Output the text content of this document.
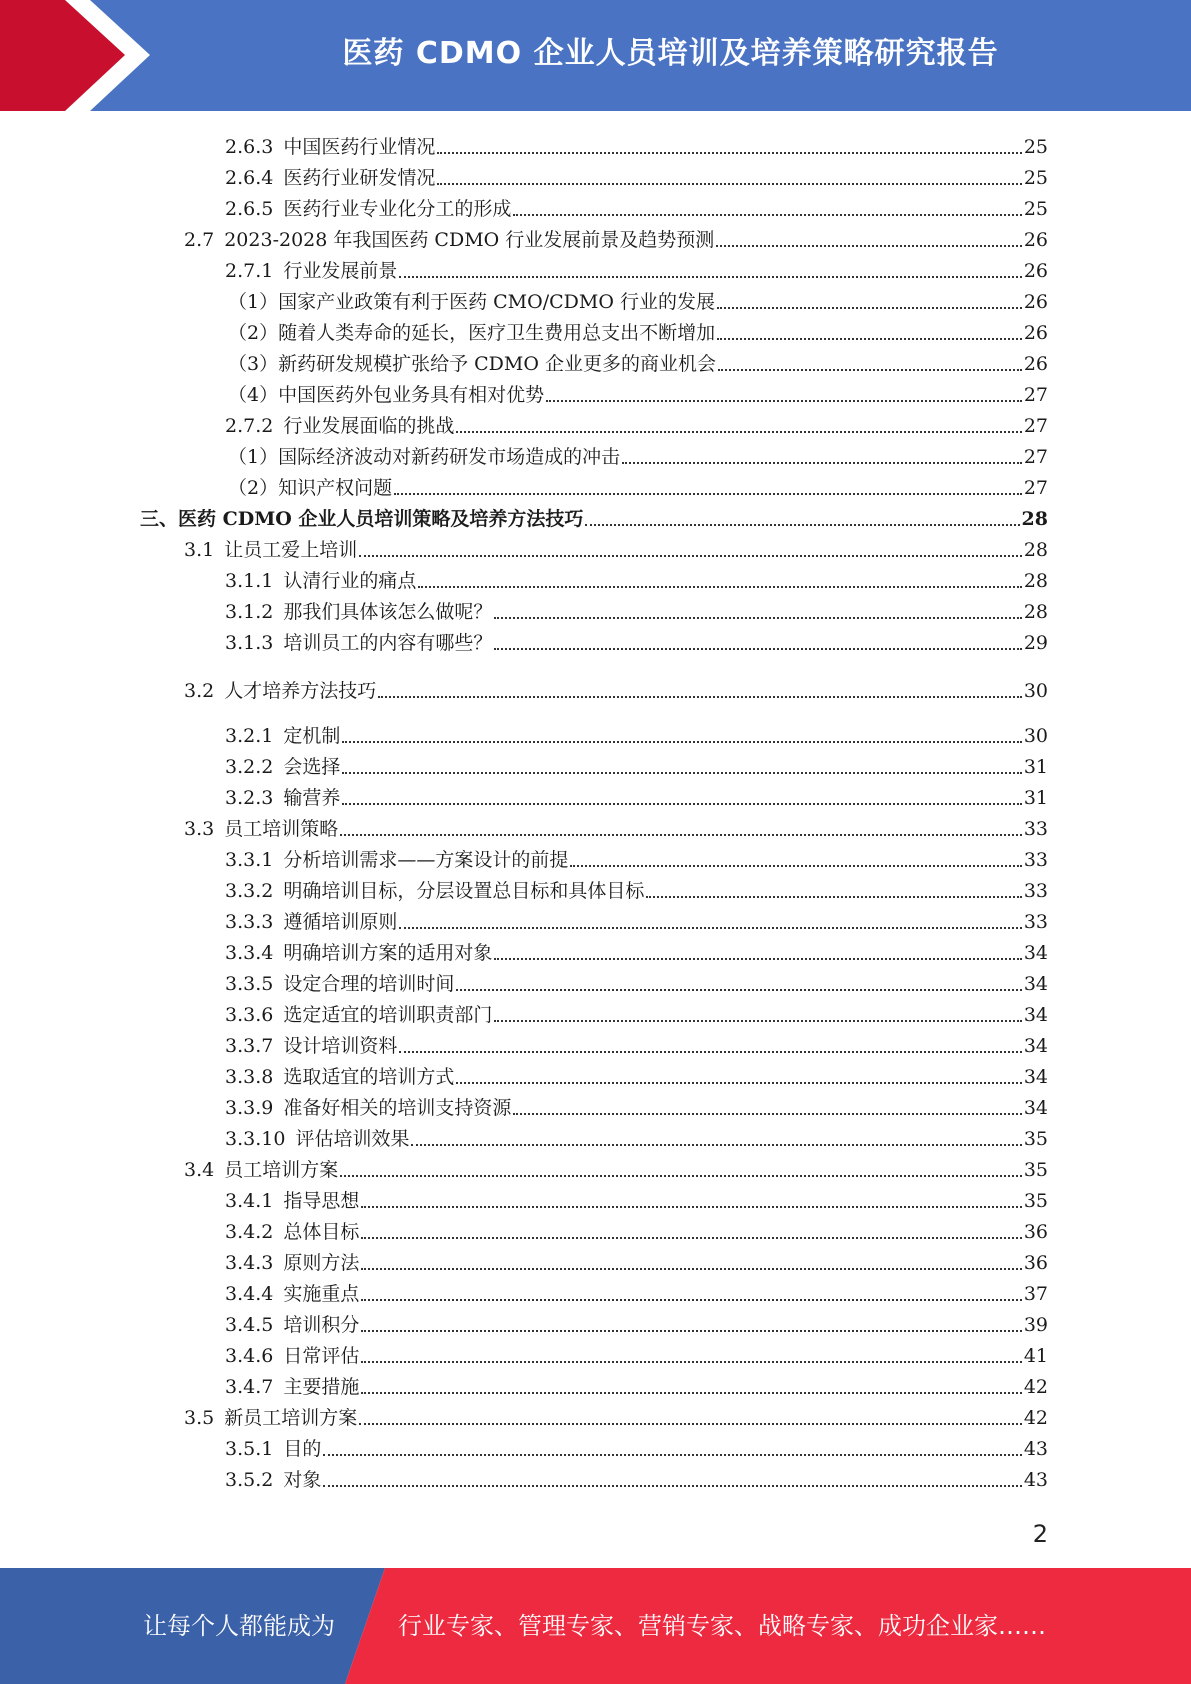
医药 CDMO 企业人员培训及培养策略研究报告
2.6.3 中国医药行业情况	25
2.6.4 医药行业研发情况	25
2.6.5 医药行业专业化分工的形成	25
2.7 2023-2028 年我国医药 CDMO 行业发展前景及趋势预测	26
2.7.1 行业发展前景	26
（1） 国家产业政策有利于医药 CMO/CDMO 行业的发展	26
（2） 随着人类寿命的延长，医疗卫生费用总支出不断增加	26
（3） 新药研发规模扩张给予 CDMO 企业更多的商业机会	26
（4） 中国医药外包业务具有相对优势	27
2.7.2 行业发展面临的挑战	27
（1） 国际经济波动对新药研发市场造成的冲击	27
（2） 知识产权问题	27
三、 医药 CDMO 企业人员培训策略及培养方法技巧	28
3.1 让员工爱上培训	28
3.1.1 认清行业的痛点	28
3.1.2 那我们具体该怎么做呢？	28
3.1.3 培训员工的内容有哪些？	29
3.2 人才培养方法技巧	30
3.2.1 定机制	30
3.2.2 会选择	31
3.2.3 输营养	31
3.3 员工培训策略	33
3.3.1 分析培训需求——方案设计的前提	33
3.3.2 明确培训目标，分层设置总目标和具体目标	33
3.3.3 遵循培训原则	33
3.3.4 明确培训方案的适用对象	34
3.3.5 设定合理的培训时间	34
3.3.6 选定适宜的培训职责部门	34
3.3.7 设计培训资料	34
3.3.8 选取适宜的培训方式	34
3.3.9 准备好相关的培训支持资源	34
3.3.10 评估培训效果	35
3.4 员工培训方案	35
3.4.1 指导思想	35
3.4.2 总体目标	36
3.4.3 原则方法	36
3.4.4 实施重点	37
3.4.5 培训积分	39
3.4.6 日常评估	41
3.4.7 主要措施	42
3.5 新员工培训方案	42
3.5.1 目的	43
3.5.2 对象	43
2
让每个人都能成为	行业专家、管理专家、营销专家、战略专家、成功企业家……
